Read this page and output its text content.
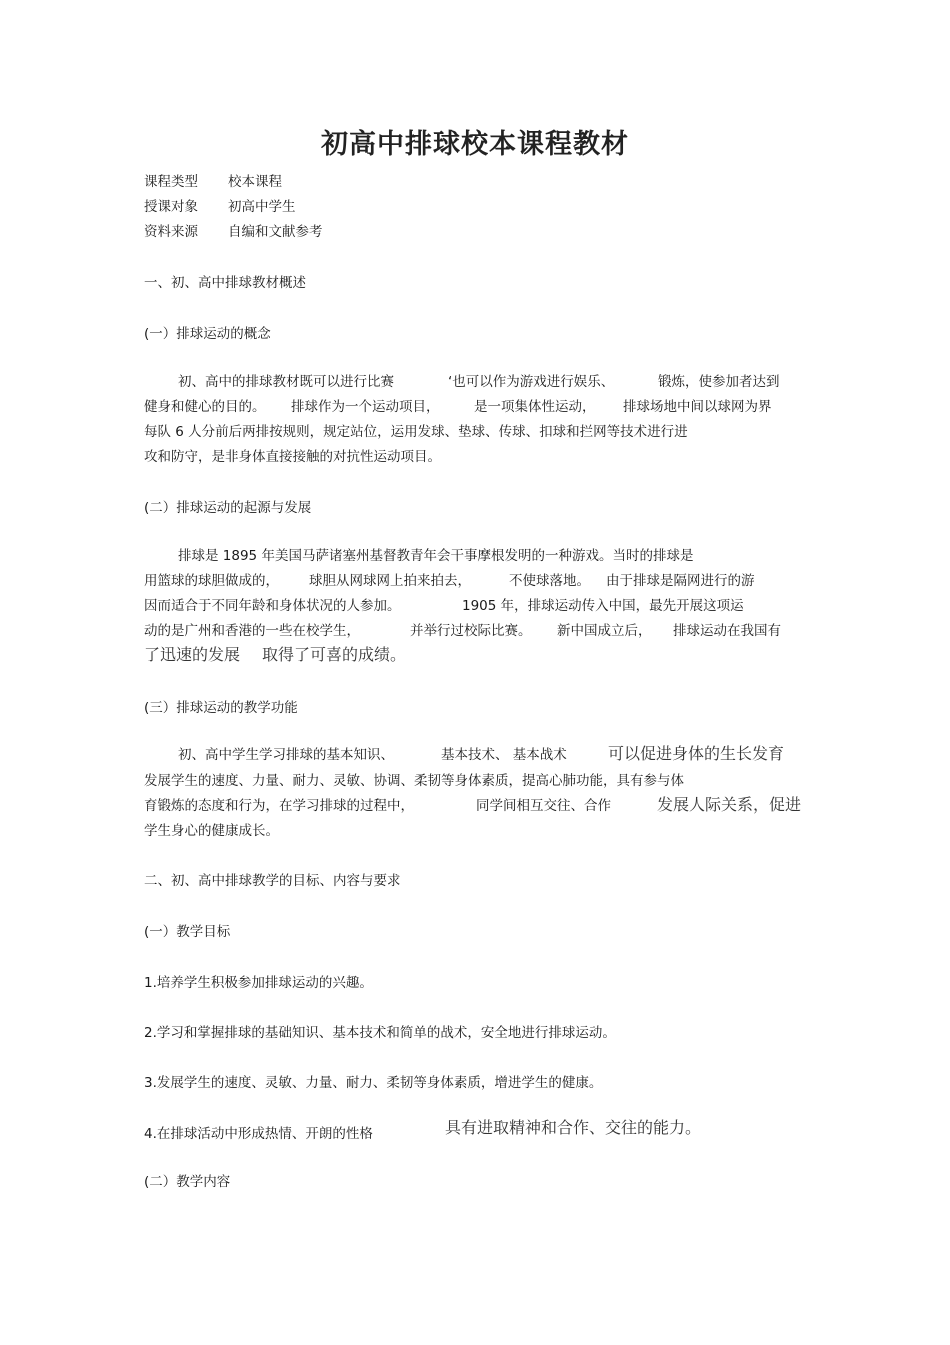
初高中排球校本课程教材
课程类型 校本课程
授课对象 初高中学生
资料来源 自编和文献参考
一、初、高中排球教材概述
(一）排球运动的概念
初、高中的排球教材既可以进行比赛	‘也可以作为游戏进行娱乐、	锻炼，使参加者达到
健身和健心的目的。 排球作为一个运动项目，	是一项集体性运动， 排球场地中间以球网为界
每队 6 人分前后两排按规则，规定站位，运用发球、垫球、传球、扣球和拦网等技术进行进
攻和防守，是非身体直接接触的对抗性运动项目。
(二）排球运动的起源与发展
排球是 1895 年美国马萨诸塞州基督教青年会干事摩根发明的一种游戏。当时的排球是
用篮球的球胆做成的， 球胆从网球网上拍来拍去，	不使球落地。 由于排球是隔网进行的游
因而适合于不同年龄和身体状况的人参加。	1905 年，排球运动传入中国，最先开展这项运
动的是广州和香港的一些在校学生，	并举行过校际比赛。 新中国成立后， 排球运动在我国有
了迅速的发展 取得了可喜的成绩。
(三）排球运动的教学功能
初、高中学生学习排球的基本知识、	基本技术、 基本战术	可以促进身体的生长发育
发展学生的速度、力量、耐力、灵敏、协调、柔韧等身体素质，提高心肺功能，具有参与体
育锻炼的态度和行为，在学习排球的过程中，	同学间相互交往、合作	发展人际关系，促进
学生身心的健康成长。
二、初、高中排球教学的目标、内容与要求
(一）教学目标
1.培养学生积极参加排球运动的兴趣。
2.学习和掌握排球的基础知识、基本技术和简单的战术，安全地进行排球运动。
3.发展学生的速度、灵敏、力量、耐力、柔韧等身体素质，增进学生的健康。
4.在排球活动中形成热情、开朗的性格	具有进取精神和合作、交往的能力。
(二）教学内容
